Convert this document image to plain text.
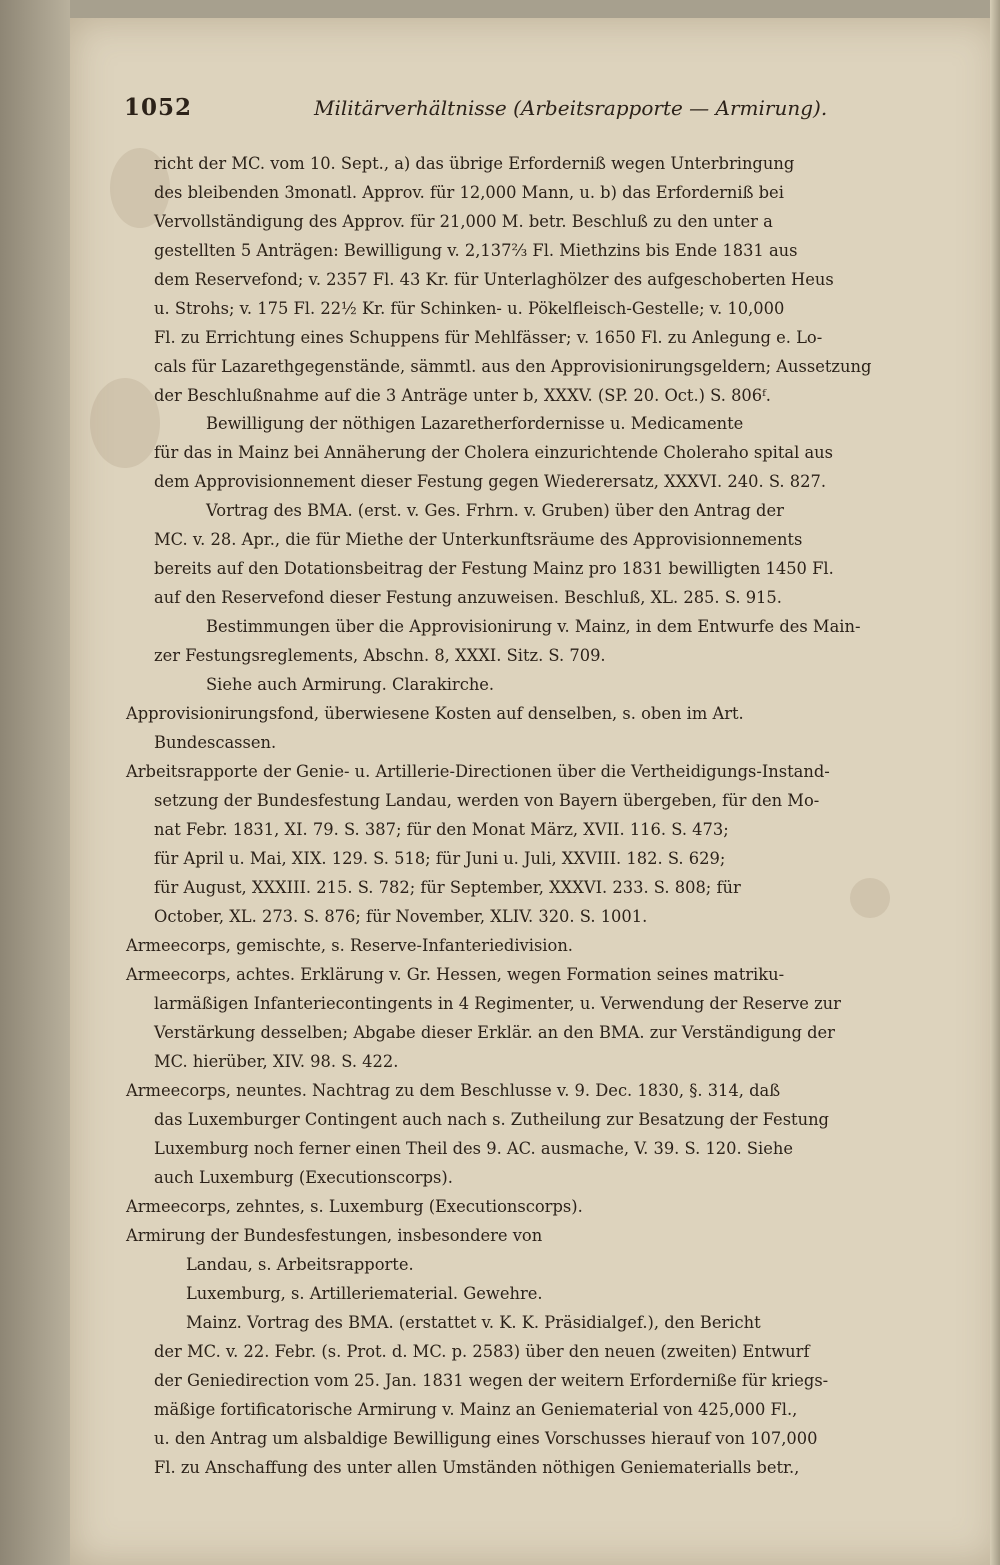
1052	Militärverhältnisse (Arbeitsrapporte — Armirung).
richt der MC. vom 10. Sept., a) das übrige Erforderniß wegen Unterbringung
des bleibenden 3monatl. Approv. für 12,000 Mann, u. b) das Erforderniß bei
Vervollständigung des Approv. für 21,000 M. betr. Beschluß zu den unter a
gestellten 5 Anträgen: Bewilligung v. 2,137⅔ Fl. Miethzins bis Ende 1831 aus
dem Reservefond; v. 2357 Fl. 43 Kr. für Unterlaghölzer des aufgeschoberten Heus
u. Strohs; v. 175 Fl. 22½ Kr. für Schinken- u. Pökelfleisch-Gestelle; v. 10,000
Fl. zu Errichtung eines Schuppens für Mehlfässer; v. 1650 Fl. zu Anlegung e. Lo-
cals für Lazarethgegenstände, sämmtl. aus den Approvisionirungsgeldern; Aussetzung
der Beschlußnahme auf die 3 Anträge unter b, XXXV. (SP. 20. Oct.) S. 806ᶠ.
Bewilligung der nöthigen Lazaretherfordernisse u. Medicamente
für das in Mainz bei Annäherung der Cholera einzurichtende Choleraho spital aus
dem Approvisionnement dieser Festung gegen Wiederersatz, XXXVI. 240. S. 827.
Vortrag des BMA. (erst. v. Ges. Frhrn. v. Gruben) über den Antrag der
MC. v. 28. Apr., die für Miethe der Unterkunftsräume des Approvisionnements
bereits auf den Dotationsbeitrag der Festung Mainz pro 1831 bewilligten 1450 Fl.
auf den Reservefond dieser Festung anzuweisen. Beschluß, XL. 285. S. 915.
Bestimmungen über die Approvisionirung v. Mainz, in dem Entwurfe des Main-
zer Festungsreglements, Abschn. 8, XXXI. Sitz. S. 709.
Siehe auch Armirung. Clarakirche.
Approvisionirungsfond, überwiesene Kosten auf denselben, s. oben im Art.
Bundescassen.
Arbeitsrapporte der Genie- u. Artillerie-Directionen über die Vertheidigungs-Instand-
setzung der Bundesfestung Landau, werden von Bayern übergeben, für den Mo-
nat Febr. 1831, XI. 79. S. 387; für den Monat März, XVII. 116. S. 473;
für April u. Mai, XIX. 129. S. 518; für Juni u. Juli, XXVIII. 182. S. 629;
für August, XXXIII. 215. S. 782; für September, XXXVI. 233. S. 808; für
October, XL. 273. S. 876; für November, XLIV. 320. S. 1001.
Armeecorps, gemischte, s. Reserve-Infanteriedivision.
Armeecorps, achtes. Erklärung v. Gr. Hessen, wegen Formation seines matriku-
larmäßigen Infanteriecontingents in 4 Regimenter, u. Verwendung der Reserve zur
Verstärkung desselben; Abgabe dieser Erklär. an den BMA. zur Verständigung der
MC. hierüber, XIV. 98. S. 422.
Armeecorps, neuntes. Nachtrag zu dem Beschlusse v. 9. Dec. 1830, §. 314, daß
das Luxemburger Contingent auch nach s. Zutheilung zur Besatzung der Festung
Luxemburg noch ferner einen Theil des 9. AC. ausmache, V. 39. S. 120. Siehe
auch Luxemburg (Executionscorps).
Armeecorps, zehntes, s. Luxemburg (Executionscorps).
Armirung der Bundesfestungen, insbesondere von
Landau, s. Arbeitsrapporte.
Luxemburg, s. Artilleriematerial. Gewehre.
Mainz. Vortrag des BMA. (erstattet v. K. K. Präsidialgef.), den Bericht
der MC. v. 22. Febr. (s. Prot. d. MC. p. 2583) über den neuen (zweiten) Entwurf
der Geniedirection vom 25. Jan. 1831 wegen der weitern Erforderniße für kriegs-
mäßige fortificatorische Armirung v. Mainz an Geniematerial von 425,000 Fl.,
u. den Antrag um alsbaldige Bewilligung eines Vorschusses hierauf von 107,000
Fl. zu Anschaffung des unter allen Umständen nöthigen Geniematerialls betr.,
